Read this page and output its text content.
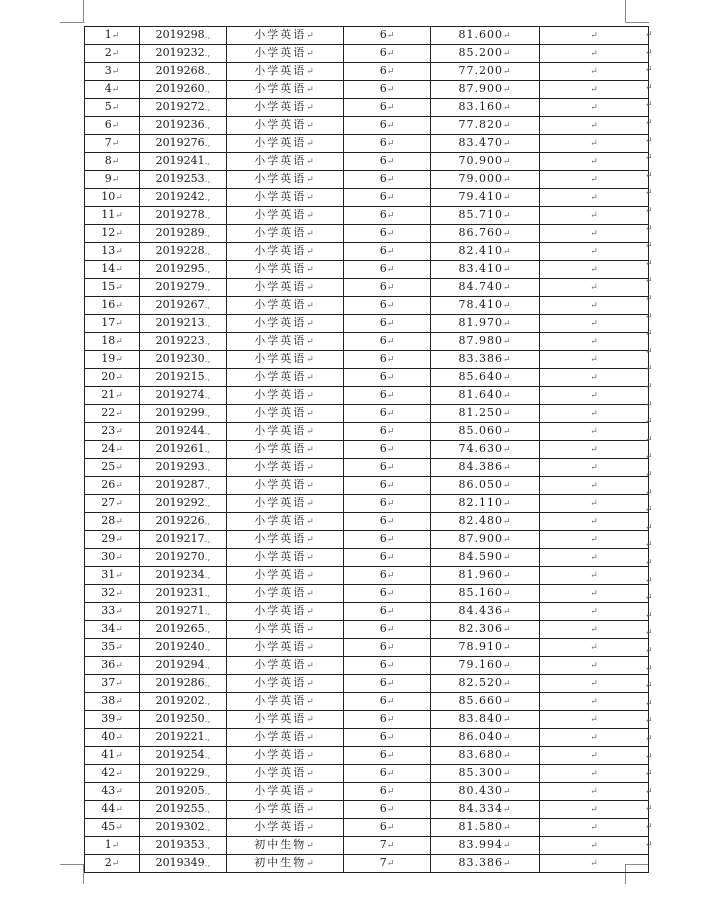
1↵	2019298.,	小学英语↵	6↵	81.600↵	↵
2↵	2019232.,	小学英语↵	6↵	85.200↵	↵
3↵	2019268.,	小学英语↵	6↵	77.200↵	↵
4↵	2019260.,	小学英语↵	6↵	87.900↵	↵
5↵	2019272.,	小学英语↵	6↵	83.160↵	↵
6↵	2019236.,	小学英语↵	6↵	77.820↵	↵
7↵	2019276.,	小学英语↵	6↵	83.470↵	↵
8↵	2019241.,	小学英语↵	6↵	70.900↵	↵
9↵	2019253.,	小学英语↵	6↵	79.000↵	↵
10↵	2019242.,	小学英语↵	6↵	79.410↵	↵
11↵	2019278.,	小学英语↵	6↵	85.710↵	↵
12↵	2019289.,	小学英语↵	6↵	86.760↵	↵
13↵	2019228.,	小学英语↵	6↵	82.410↵	↵
14↵	2019295.,	小学英语↵	6↵	83.410↵	↵
15↵	2019279.,	小学英语↵	6↵	84.740↵	↵
16↵	2019267.,	小学英语↵	6↵	78.410↵	↵
17↵	2019213.,	小学英语↵	6↵	81.970↵	↵
18↵	2019223.,	小学英语↵	6↵	87.980↵	↵
19↵	2019230.,	小学英语↵	6↵	83.386↵	↵
20↵	2019215.,	小学英语↵	6↵	85.640↵	↵
21↵	2019274.,	小学英语↵	6↵	81.640↵	↵
22↵	2019299.,	小学英语↵	6↵	81.250↵	↵
23↵	2019244.,	小学英语↵	6↵	85.060↵	↵
24↵	2019261.,	小学英语↵	6↵	74.630↵	↵
25↵	2019293.,	小学英语↵	6↵	84.386↵	↵
26↵	2019287.,	小学英语↵	6↵	86.050↵	↵
27↵	2019292.,	小学英语↵	6↵	82.110↵	↵
28↵	2019226.,	小学英语↵	6↵	82.480↵	↵
29↵	2019217.,	小学英语↵	6↵	87.900↵	↵
30↵	2019270.,	小学英语↵	6↵	84.590↵	↵
31↵	2019234.,	小学英语↵	6↵	81.960↵	↵
32↵	2019231.,	小学英语↵	6↵	85.160↵	↵
33↵	2019271.,	小学英语↵	6↵	84.436↵	↵
34↵	2019265.,	小学英语↵	6↵	82.306↵	↵
35↵	2019240.,	小学英语↵	6↵	78.910↵	↵
36↵	2019294.,	小学英语↵	6↵	79.160↵	↵
37↵	2019286.,	小学英语↵	6↵	82.520↵	↵
38↵	2019202.,	小学英语↵	6↵	85.660↵	↵
39↵	2019250.,	小学英语↵	6↵	83.840↵	↵
40↵	2019221.,	小学英语↵	6↵	86.040↵	↵
41↵	2019254.,	小学英语↵	6↵	83.680↵	↵
42↵	2019229.,	小学英语↵	6↵	85.300↵	↵
43↵	2019205.,	小学英语↵	6↵	80.430↵	↵
44↵	2019255.,	小学英语↵	6↵	84.334↵	↵
45↵	2019302.,	小学英语↵	6↵	81.580↵	↵
1↵	2019353.,	初中生物↵	7↵	83.994↵	↵
2↵	2019349.,	初中生物↵	7↵	83.386↵	↵
↵
↵
↵
↵
↵
↵
↵
↵
↵
↵
↵
↵
↵
↵
↵
↵
↵
↵
↵
↵
↵
↵
↵
↵
↵
↵
↵
↵
↵
↵
↵
↵
↵
↵
↵
↵
↵
↵
↵
↵
↵
↵
↵
↵
↵
↵
↵
